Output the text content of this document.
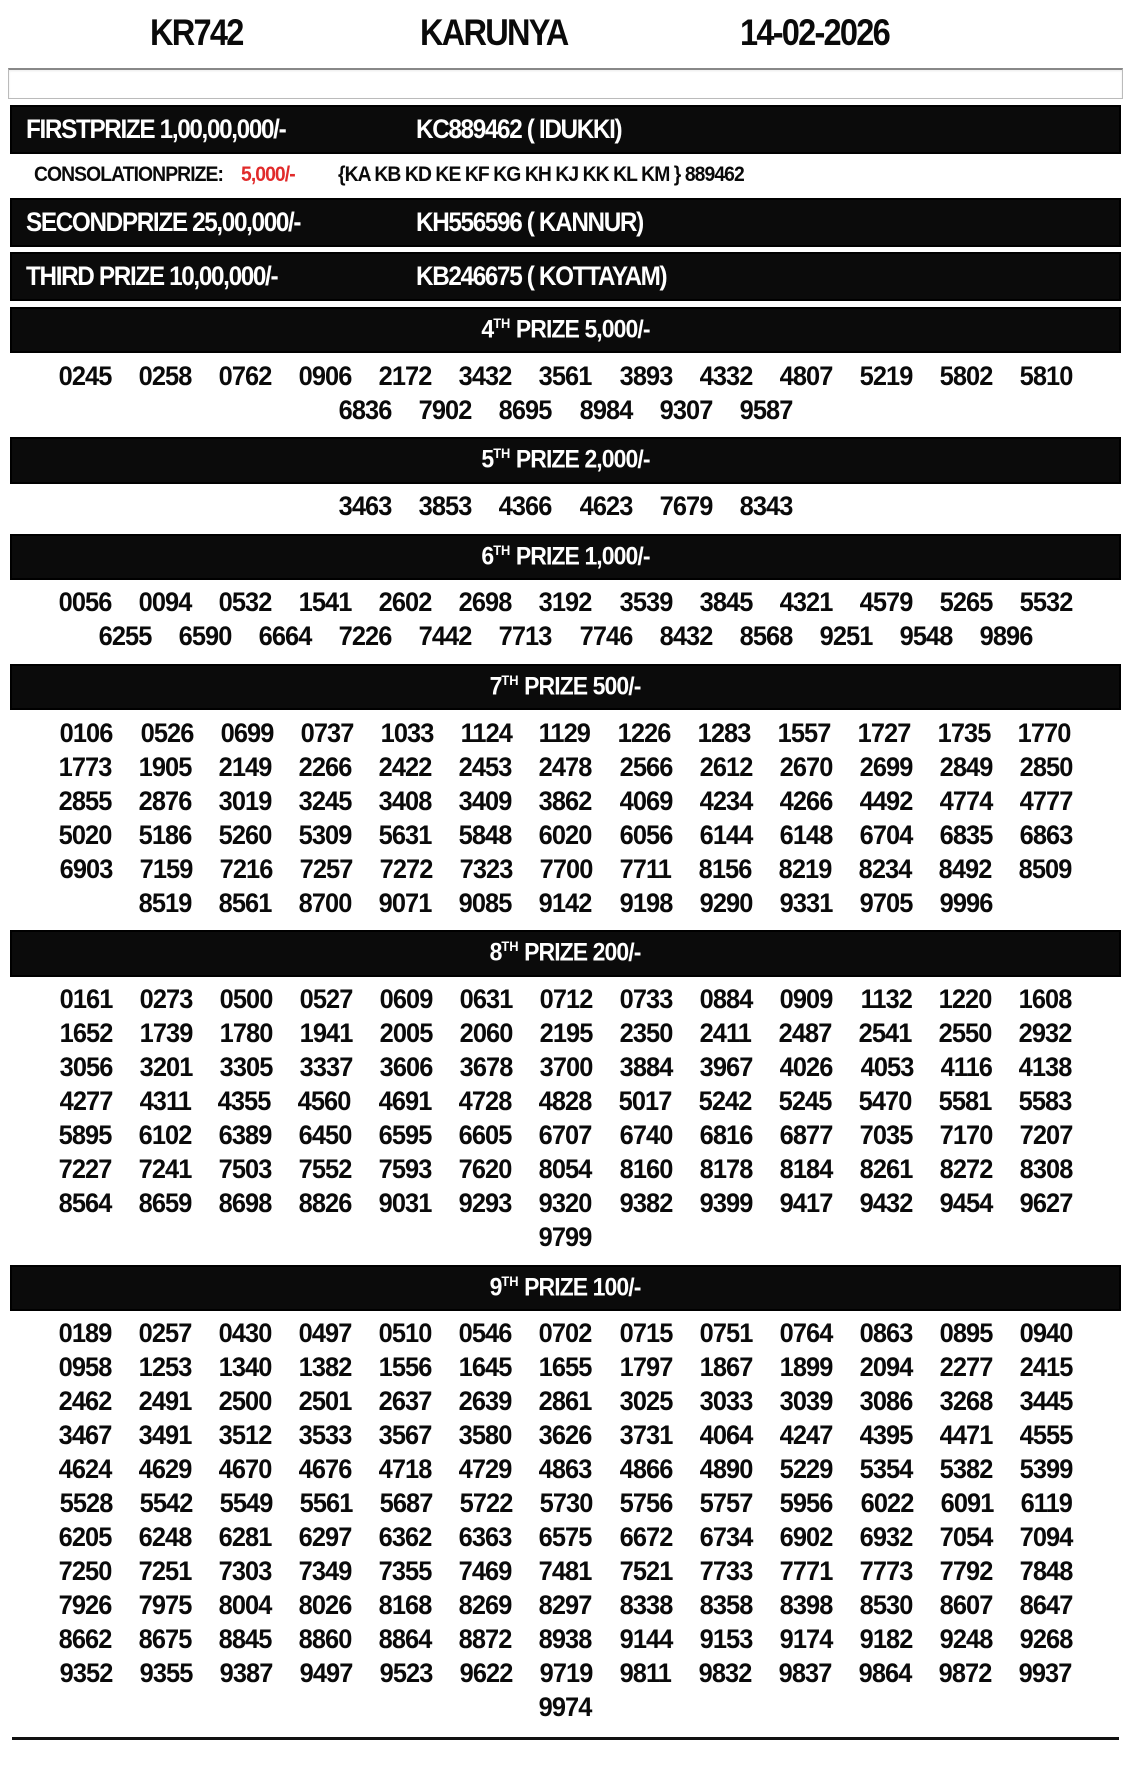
KR742	KARUNYA	14-02-2026
FIRSTPRIZE 1,00,00,000/-	KC889462 ( IDUKKI)
CONSOLATIONPRIZE: 5,000/- {KA KB KD KE KF KG KH KJ KK KL KM } 889462
SECONDPRIZE 25,00,000/-	KH556596 ( KANNUR)
THIRD PRIZE 10,00,000/-	KB246675 ( KOTTAYAM)
4TH PRIZE 5,000/-
0245 0258 0762 0906 2172 3432 3561 3893 4332 4807 5219 5802 5810
6836 7902 8695 8984 9307 9587
5TH PRIZE 2,000/-
3463 3853 4366 4623 7679 8343
6TH PRIZE 1,000/-
0056 0094 0532 1541 2602 2698 3192 3539 3845 4321 4579 5265 5532
6255 6590 6664 7226 7442 7713 7746 8432 8568 9251 9548 9896
7TH PRIZE 500/-
0106 0526 0699 0737 1033 1124 1129 1226 1283 1557 1727 1735 1770
1773 1905 2149 2266 2422 2453 2478 2566 2612 2670 2699 2849 2850
2855 2876 3019 3245 3408 3409 3862 4069 4234 4266 4492 4774 4777
5020 5186 5260 5309 5631 5848 6020 6056 6144 6148 6704 6835 6863
6903 7159 7216 7257 7272 7323 7700 7711 8156 8219 8234 8492 8509
8519 8561 8700 9071 9085 9142 9198 9290 9331 9705 9996
8TH PRIZE 200/-
0161 0273 0500 0527 0609 0631 0712 0733 0884 0909 1132 1220 1608
1652 1739 1780 1941 2005 2060 2195 2350 2411 2487 2541 2550 2932
3056 3201 3305 3337 3606 3678 3700 3884 3967 4026 4053 4116 4138
4277 4311 4355 4560 4691 4728 4828 5017 5242 5245 5470 5581 5583
5895 6102 6389 6450 6595 6605 6707 6740 6816 6877 7035 7170 7207
7227 7241 7503 7552 7593 7620 8054 8160 8178 8184 8261 8272 8308
8564 8659 8698 8826 9031 9293 9320 9382 9399 9417 9432 9454 9627
9799
9TH PRIZE 100/-
0189 0257 0430 0497 0510 0546 0702 0715 0751 0764 0863 0895 0940
0958 1253 1340 1382 1556 1645 1655 1797 1867 1899 2094 2277 2415
2462 2491 2500 2501 2637 2639 2861 3025 3033 3039 3086 3268 3445
3467 3491 3512 3533 3567 3580 3626 3731 4064 4247 4395 4471 4555
4624 4629 4670 4676 4718 4729 4863 4866 4890 5229 5354 5382 5399
5528 5542 5549 5561 5687 5722 5730 5756 5757 5956 6022 6091 6119
6205 6248 6281 6297 6362 6363 6575 6672 6734 6902 6932 7054 7094
7250 7251 7303 7349 7355 7469 7481 7521 7733 7771 7773 7792 7848
7926 7975 8004 8026 8168 8269 8297 8338 8358 8398 8530 8607 8647
8662 8675 8845 8860 8864 8872 8938 9144 9153 9174 9182 9248 9268
9352 9355 9387 9497 9523 9622 9719 9811 9832 9837 9864 9872 9937
9974
